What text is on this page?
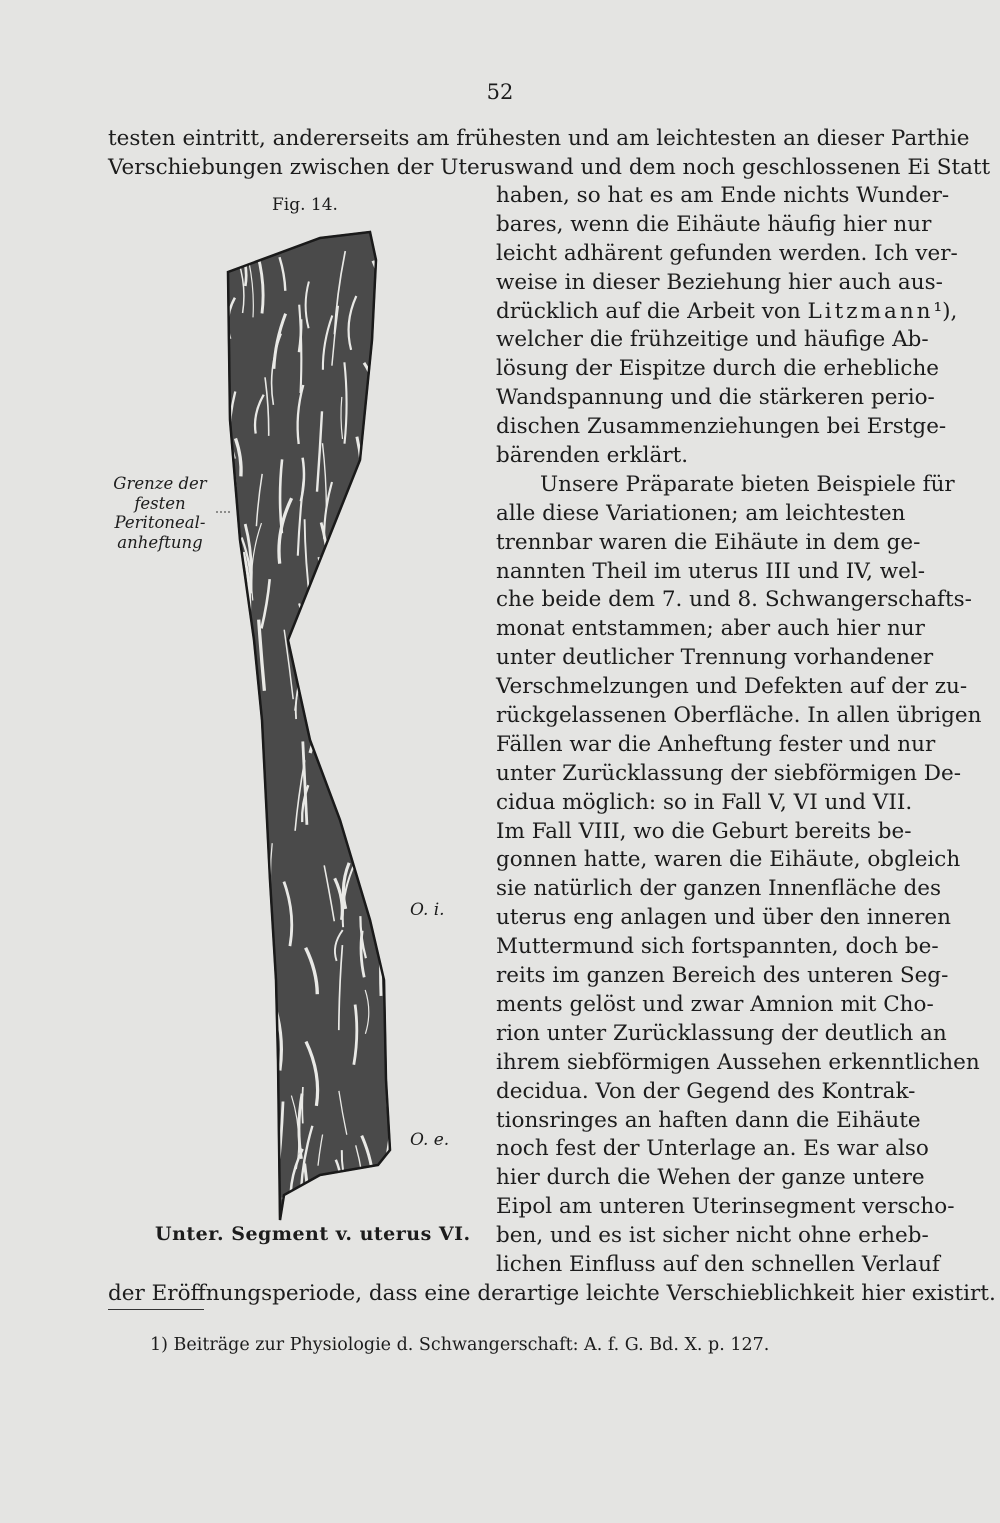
52
testen eintritt, andererseits am frühesten und am leichtesten an dieser Parthie
Verschiebungen zwischen der Uteruswand und dem noch geschlossenen Ei Statt
Fig. 14.
Grenze der
festen
Peritoneal-
anheftung
O. i.
O. e.
Unter. Segment v. uterus VI.
haben, so hat es am Ende nichts Wunder-
bares, wenn die Eihäute häufig hier nur
leicht adhärent gefunden werden. Ich ver-
weise in dieser Beziehung hier auch aus-
drücklich auf die Arbeit von Litzmann¹),
welcher die frühzeitige und häufige Ab-
lösung der Eispitze durch die erhebliche
Wandspannung und die stärkeren perio-
dischen Zusammenziehungen bei Erstge-
bärenden erklärt.
Unsere Präparate bieten Beispiele für
alle diese Variationen; am leichtesten
trennbar waren die Eihäute in dem ge-
nannten Theil im uterus III und IV, wel-
che beide dem 7. und 8. Schwangerschafts-
monat entstammen; aber auch hier nur
unter deutlicher Trennung vorhandener
Verschmelzungen und Defekten auf der zu-
rückgelassenen Oberfläche. In allen übrigen
Fällen war die Anheftung fester und nur
unter Zurücklassung der siebförmigen De-
cidua möglich: so in Fall V, VI und VII.
Im Fall VIII, wo die Geburt bereits be-
gonnen hatte, waren die Eihäute, obgleich
sie natürlich der ganzen Innenfläche des
uterus eng anlagen und über den inneren
Muttermund sich fortspannten, doch be-
reits im ganzen Bereich des unteren Seg-
ments gelöst und zwar Amnion mit Cho-
rion unter Zurücklassung der deutlich an
ihrem siebförmigen Aussehen erkenntlichen
decidua. Von der Gegend des Kontrak-
tionsringes an haften dann die Eihäute
noch fest der Unterlage an. Es war also
hier durch die Wehen der ganze untere
Eipol am unteren Uterinsegment verscho-
ben, und es ist sicher nicht ohne erheb-
lichen Einfluss auf den schnellen Verlauf
der Eröffnungsperiode, dass eine derartige leichte Verschieblichkeit hier existirt.
1) Beiträge zur Physiologie d. Schwangerschaft: A. f. G. Bd. X. p. 127.
